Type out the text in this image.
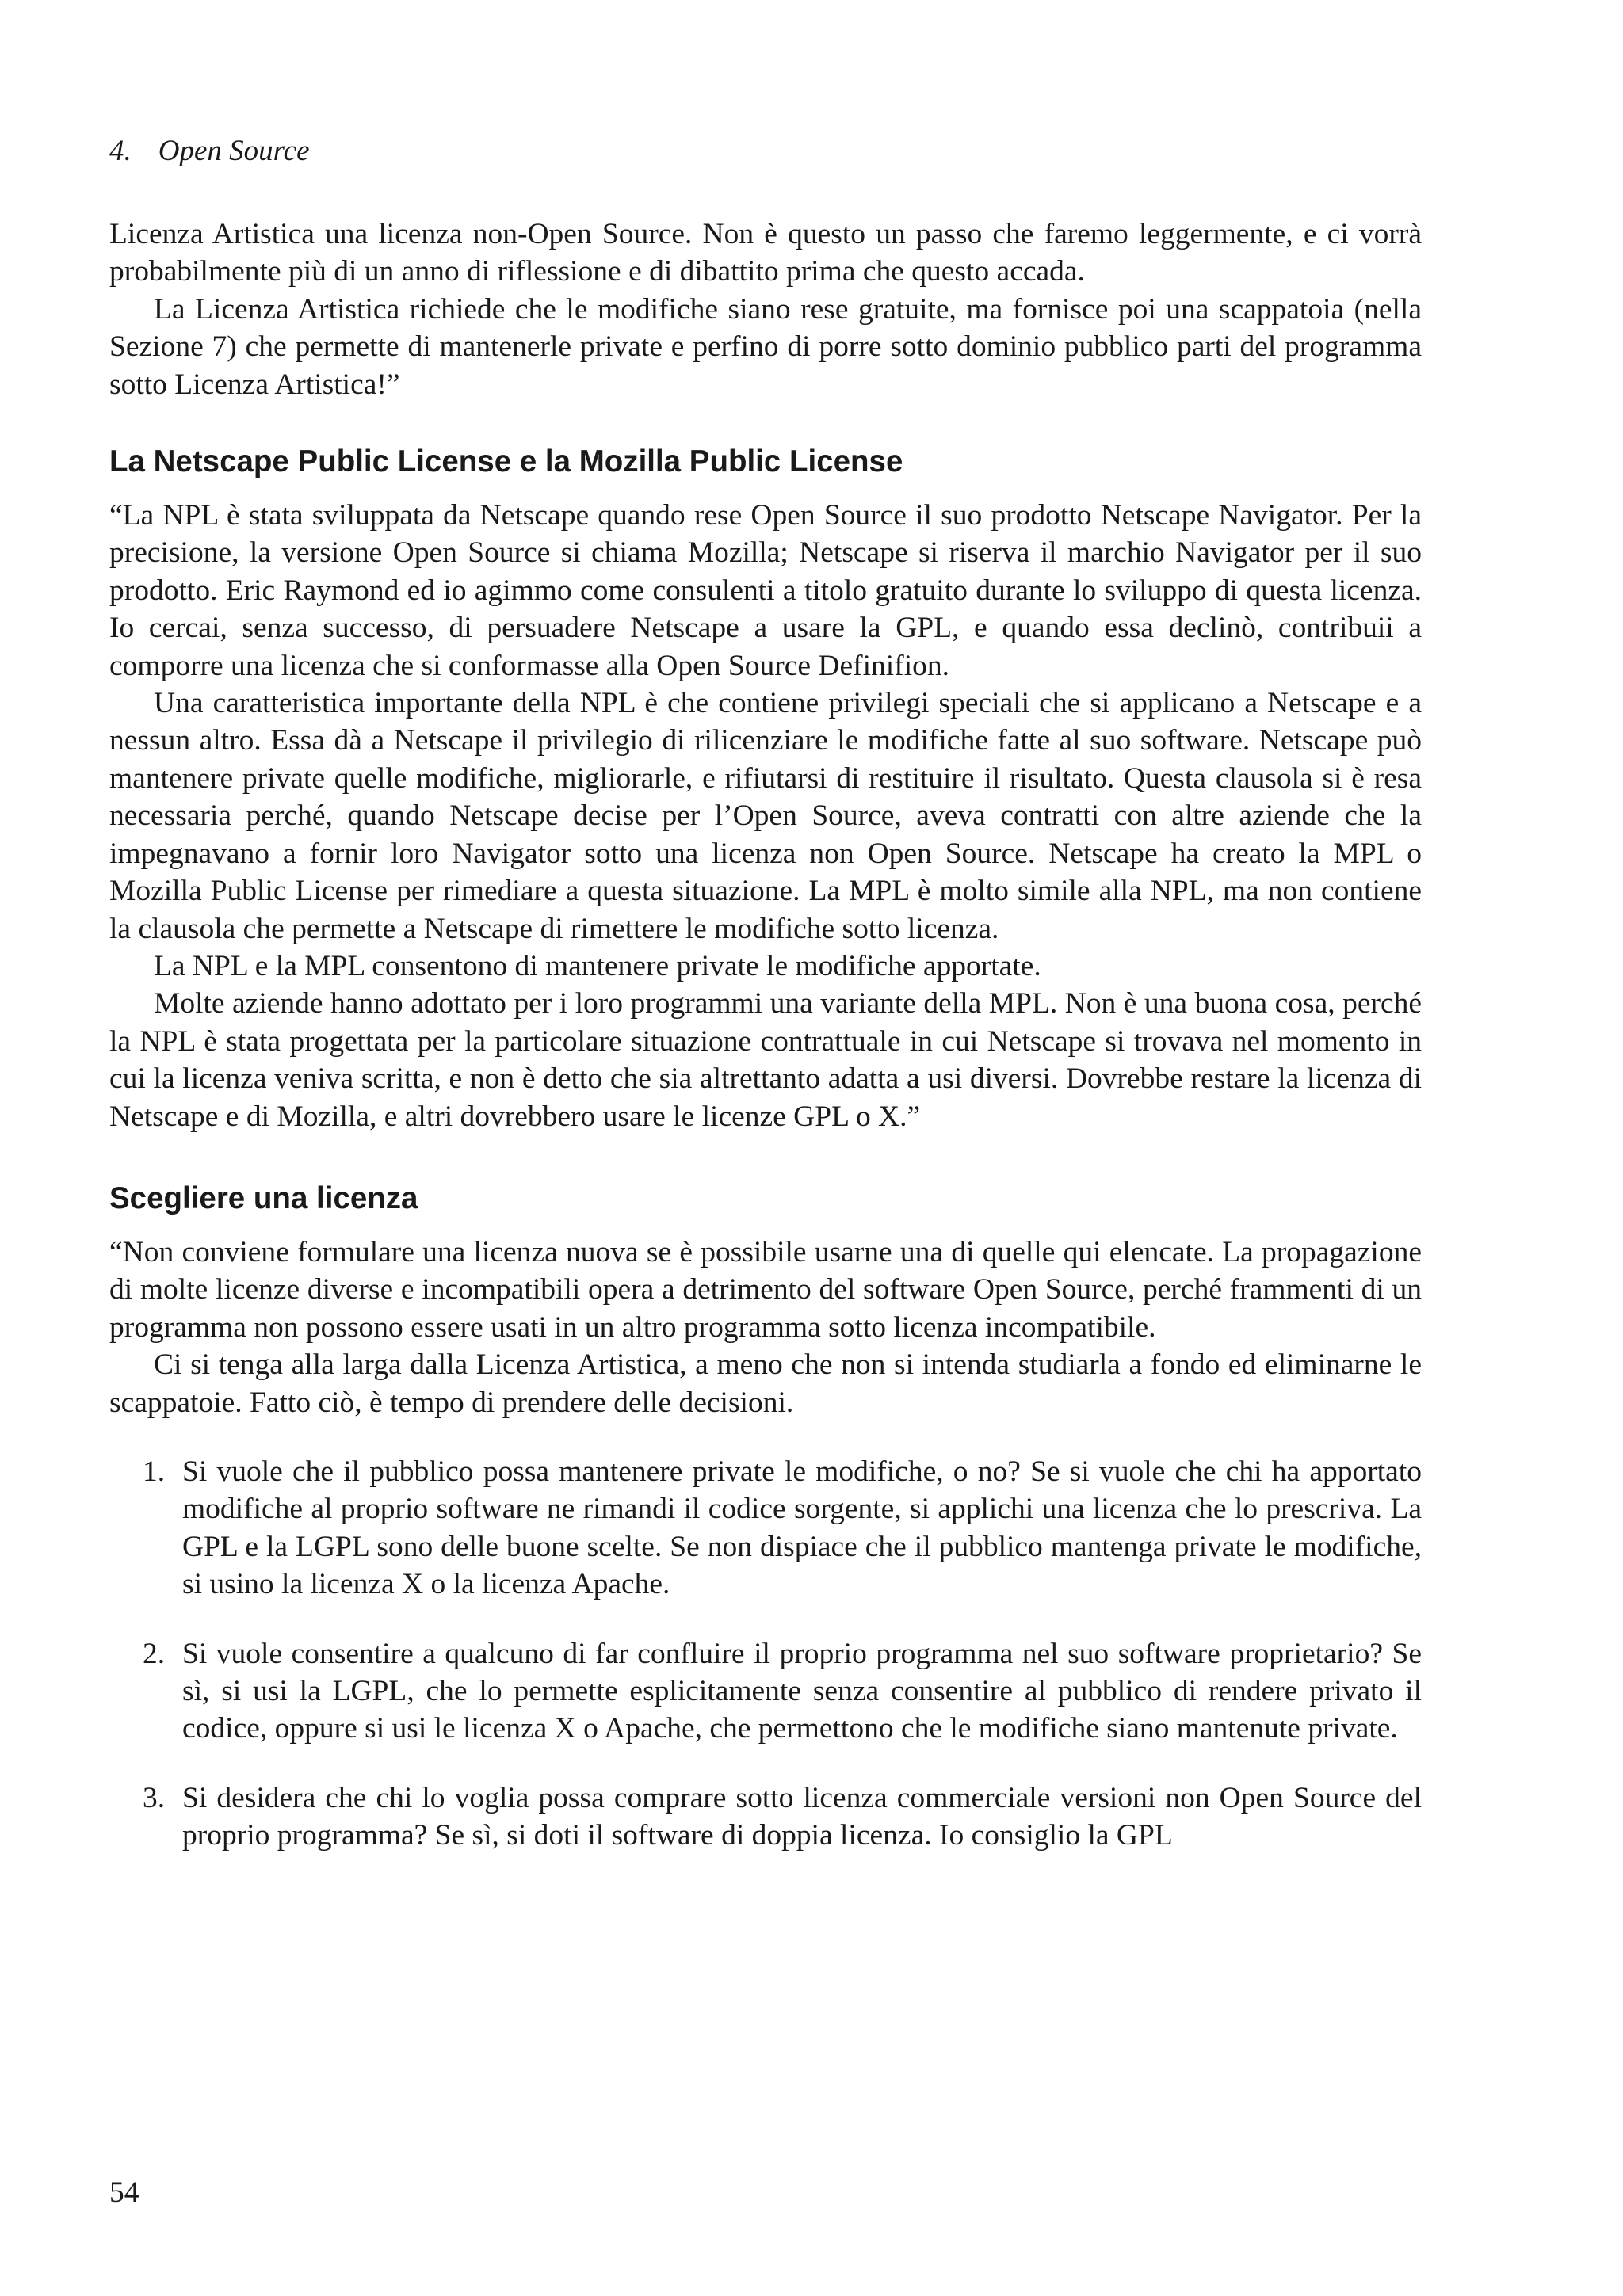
4. Open Source

Licenza Artistica una licenza non-Open Source. Non è questo un passo che faremo leggermente, e ci vorrà probabilmente più di un anno di riflessione e di dibattito prima che questo accada.

La Licenza Artistica richiede che le modifiche siano rese gratuite, ma fornisce poi una scappatoia (nella Sezione 7) che permette di mantenerle private e perfino di porre sotto dominio pubblico parti del programma sotto Licenza Artistica!”

La Netscape Public License e la Mozilla Public License

“La NPL è stata sviluppata da Netscape quando rese Open Source il suo prodotto Netscape Navigator. Per la precisione, la versione Open Source si chiama Mozilla; Netscape si riserva il marchio Navigator per il suo prodotto. Eric Raymond ed io agimmo come consulenti a titolo gratuito durante lo sviluppo di questa licenza. Io cercai, senza successo, di persuadere Netscape a usare la GPL, e quando essa declinò, contribuii a comporre una licenza che si conformasse alla Open Source Definifion.

Una caratteristica importante della NPL è che contiene privilegi speciali che si applicano a Netscape e a nessun altro. Essa dà a Netscape il privilegio di rilicenziare le modifiche fatte al suo software. Netscape può mantenere private quelle modifiche, migliorarle, e rifiutarsi di restituire il risultato. Questa clausola si è resa necessaria perché, quando Netscape decise per l’Open Source, aveva contratti con altre aziende che la impegnavano a fornir loro Navigator sotto una licenza non Open Source. Netscape ha creato la MPL o Mozilla Public License per rimediare a questa situazione. La MPL è molto simile alla NPL, ma non contiene la clausola che permette a Netscape di rimettere le modifiche sotto licenza.

La NPL e la MPL consentono di mantenere private le modifiche apportate.

Molte aziende hanno adottato per i loro programmi una variante della MPL. Non è una buona cosa, perché la NPL è stata progettata per la particolare situazione contrattuale in cui Netscape si trovava nel momento in cui la licenza veniva scritta, e non è detto che sia altrettanto adatta a usi diversi. Dovrebbe restare la licenza di Netscape e di Mozilla, e altri dovrebbero usare le licenze GPL o X.”

Scegliere una licenza

“Non conviene formulare una licenza nuova se è possibile usarne una di quelle qui elencate. La propagazione di molte licenze diverse e incompatibili opera a detrimento del software Open Source, perché frammenti di un programma non possono essere usati in un altro programma sotto licenza incompatibile.

Ci si tenga alla larga dalla Licenza Artistica, a meno che non si intenda studiarla a fondo ed eliminarne le scappatoie. Fatto ciò, è tempo di prendere delle decisioni.

1. Si vuole che il pubblico possa mantenere private le modifiche, o no? Se si vuole che chi ha apportato modifiche al proprio software ne rimandi il codice sorgente, si applichi una licenza che lo prescriva. La GPL e la LGPL sono delle buone scelte. Se non dispiace che il pubblico mantenga private le modifiche, si usino la licenza X o la licenza Apache.

2. Si vuole consentire a qualcuno di far confluire il proprio programma nel suo software proprietario? Se sì, si usi la LGPL, che lo permette esplicitamente senza consentire al pubblico di rendere privato il codice, oppure si usi le licenza X o Apache, che permettono che le modifiche siano mantenute private.

3. Si desidera che chi lo voglia possa comprare sotto licenza commerciale versioni non Open Source del proprio programma? Se sì, si doti il software di doppia licenza. Io consiglio la GPL

54
